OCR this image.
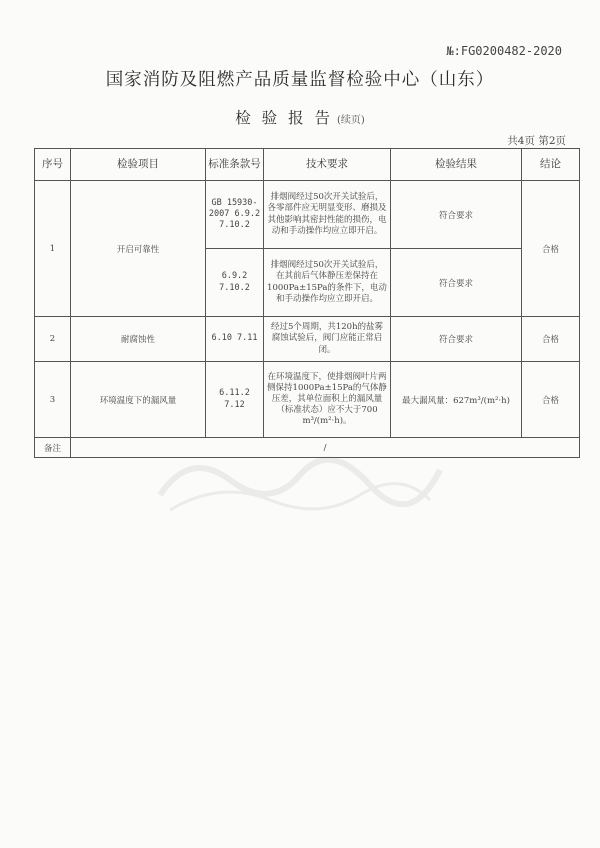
№:FG0200482-2020
国家消防及阻燃产品质量监督检验中心（山东）
检 验 报 告 (续页)
共4页 第2页
序号	检验项目	标准条款号	技术要求	检验结果	结论
1	开启可靠性	GB 15930-2007 6.9.2 7.10.2	排烟阀经过50次开关试验后，各零部件应无明显变形、磨损及其他影响其密封性能的损伤，电动和手动操作均应立即开启。	符合要求	合格
		6.9.2 7.10.2	排烟阀经过50次开关试验后，在其前后气体静压差保持在1000Pa±15Pa的条件下，电动和手动操作均应立即开启。	符合要求	
2	耐腐蚀性	6.10 7.11	经过5个周期，共120h的盐雾腐蚀试验后，阀门应能正常启闭。	符合要求	合格
3	环境温度下的漏风量	6.11.2 7.12	在环境温度下，使排烟阀叶片两侧保持1000Pa±15Pa的气体静压差，其单位面积上的漏风量（标准状态）应不大于700 m³/(m²·h)。	最大漏风量：627m³/(m²·h)	合格
备注	/				
